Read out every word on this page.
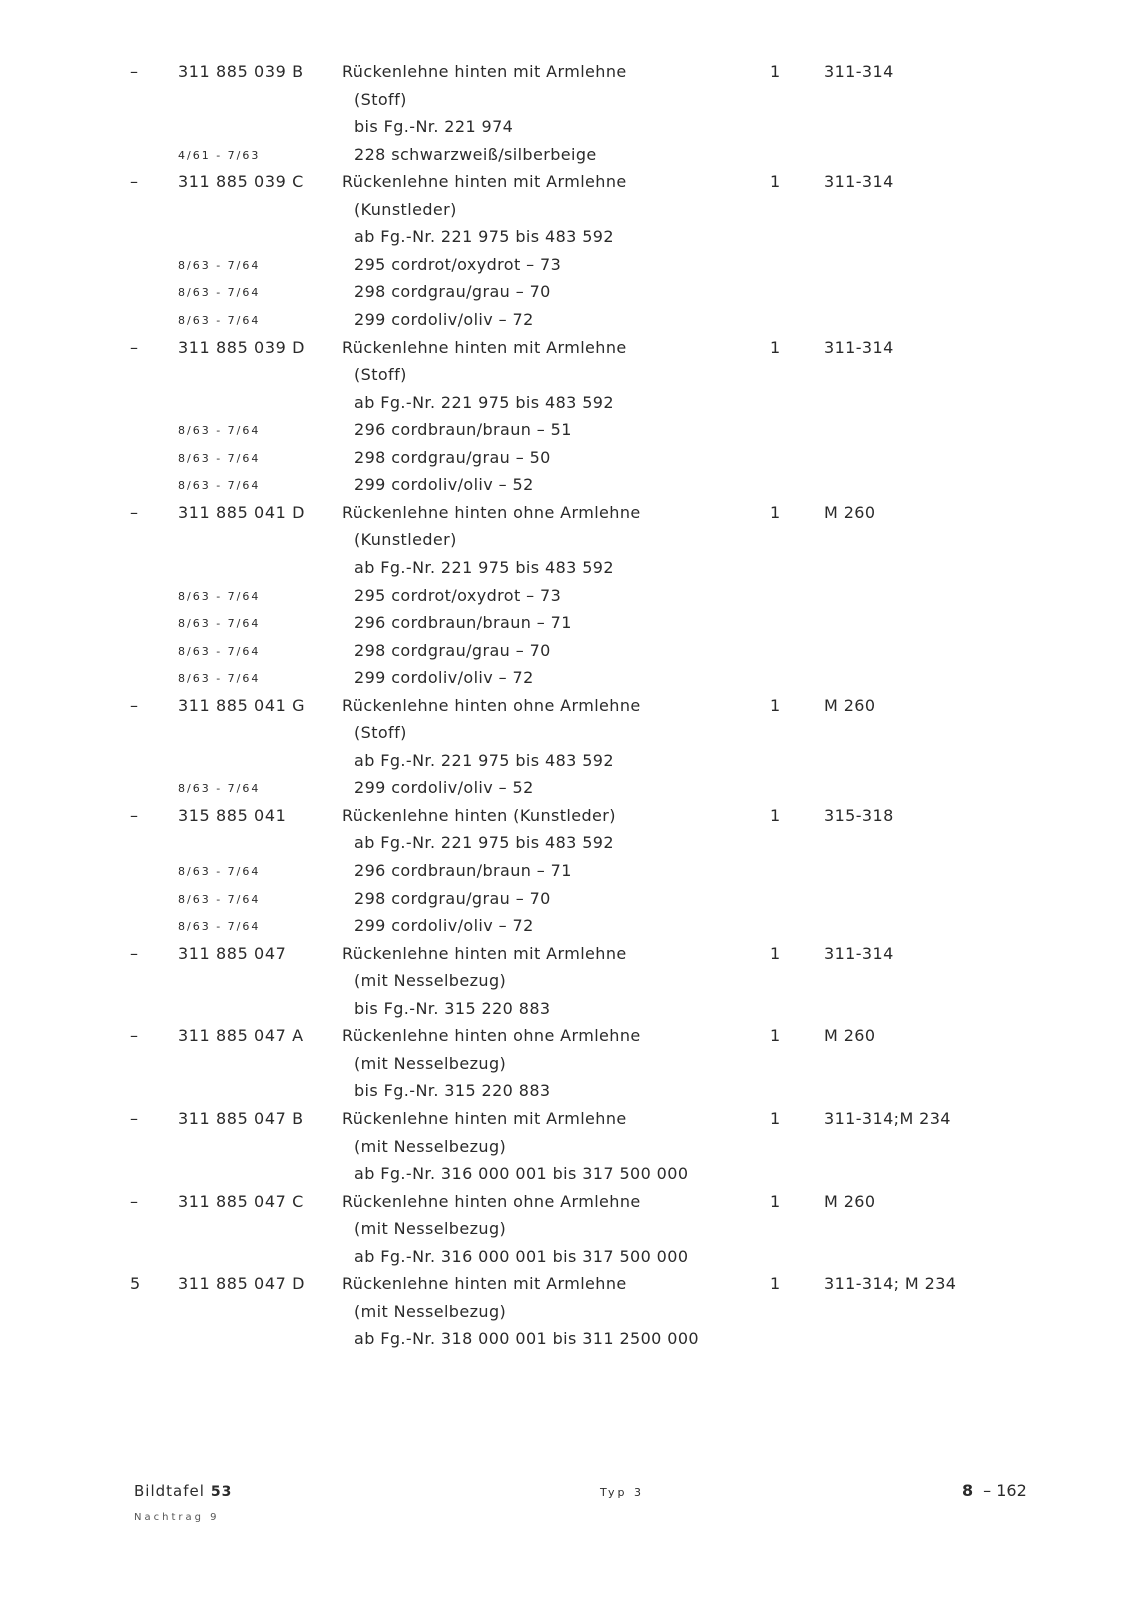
– 311 885 039 B Rückenlehne hinten mit Armlehne	1	311-314
(Stoff)
bis Fg.-Nr. 221 974
4/61 - 7/63	228 schwarzweiß/silberbeige
– 311 885 039 C Rückenlehne hinten mit Armlehne	1	311-314
(Kunstleder)
ab Fg.-Nr. 221 975 bis 483 592
8/63 - 7/64	295 cordrot/oxydrot – 73
8/63 - 7/64	298 cordgrau/grau – 70
8/63 - 7/64	299 cordoliv/oliv – 72
– 311 885 039 D Rückenlehne hinten mit Armlehne	1	311-314
(Stoff)
ab Fg.-Nr. 221 975 bis 483 592
8/63 - 7/64	296 cordbraun/braun – 51
8/63 - 7/64	298 cordgrau/grau – 50
8/63 - 7/64	299 cordoliv/oliv – 52
– 311 885 041 D Rückenlehne hinten ohne Armlehne	1	M 260
(Kunstleder)
ab Fg.-Nr. 221 975 bis 483 592
8/63 - 7/64	295 cordrot/oxydrot – 73
8/63 - 7/64	296 cordbraun/braun – 71
8/63 - 7/64	298 cordgrau/grau – 70
8/63 - 7/64	299 cordoliv/oliv – 72
– 311 885 041 G Rückenlehne hinten ohne Armlehne	1	M 260
(Stoff)
ab Fg.-Nr. 221 975 bis 483 592
8/63 - 7/64	299 cordoliv/oliv – 52
– 315 885 041	Rückenlehne hinten (Kunstleder)	1	315-318
ab Fg.-Nr. 221 975 bis 483 592
8/63 - 7/64	296 cordbraun/braun – 71
8/63 - 7/64	298 cordgrau/grau – 70
8/63 - 7/64	299 cordoliv/oliv – 72
– 311 885 047	Rückenlehne hinten mit Armlehne	1	311-314
(mit Nesselbezug)
bis Fg.-Nr. 315 220 883
– 311 885 047 A Rückenlehne hinten ohne Armlehne	1	M 260
(mit Nesselbezug)
bis Fg.-Nr. 315 220 883
– 311 885 047 B Rückenlehne hinten mit Armlehne	1	311-314;M 234
(mit Nesselbezug)
ab Fg.-Nr. 316 000 001 bis 317 500 000
– 311 885 047 C Rückenlehne hinten ohne Armlehne	1	M 260
(mit Nesselbezug)
ab Fg.-Nr. 316 000 001 bis 317 500 000
5 311 885 047 D Rückenlehne hinten mit Armlehne	1	311-314; M 234
(mit Nesselbezug)
ab Fg.-Nr. 318 000 001 bis 311 2500 000
Bildtafel 53
Nachtrag 9
Typ 3	8 – 162
